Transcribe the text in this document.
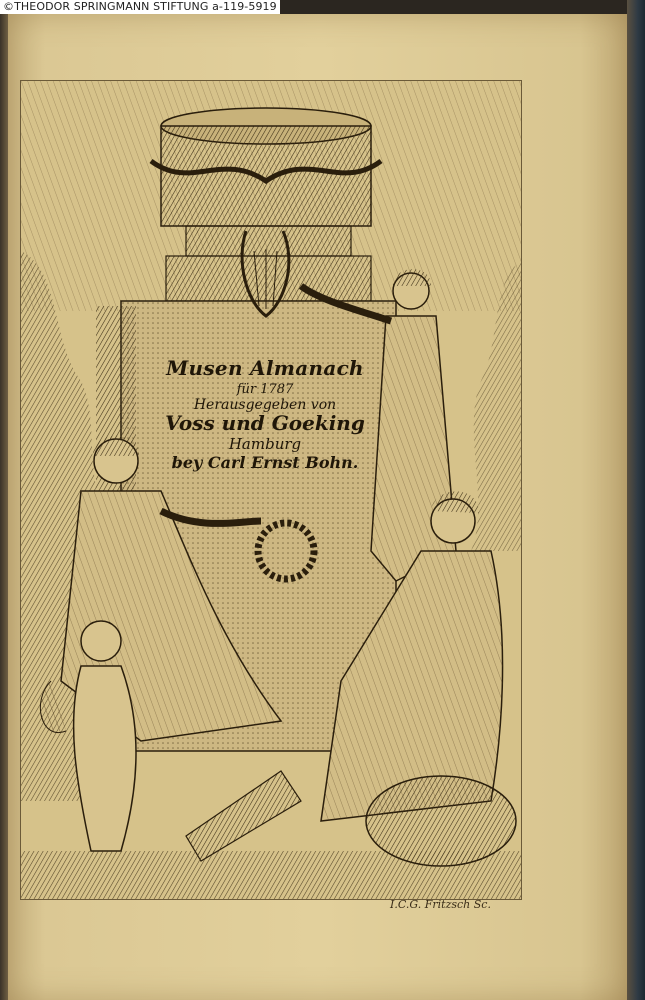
©THEODOR SPRINGMANN STIFTUNG a-119-5919
Musen Almanach
für 1787
Herausgegeben von
Voss und Goeking
Hamburg
bey Carl Ernst Bohn.
I.C.G. Fritzsch Sc.
